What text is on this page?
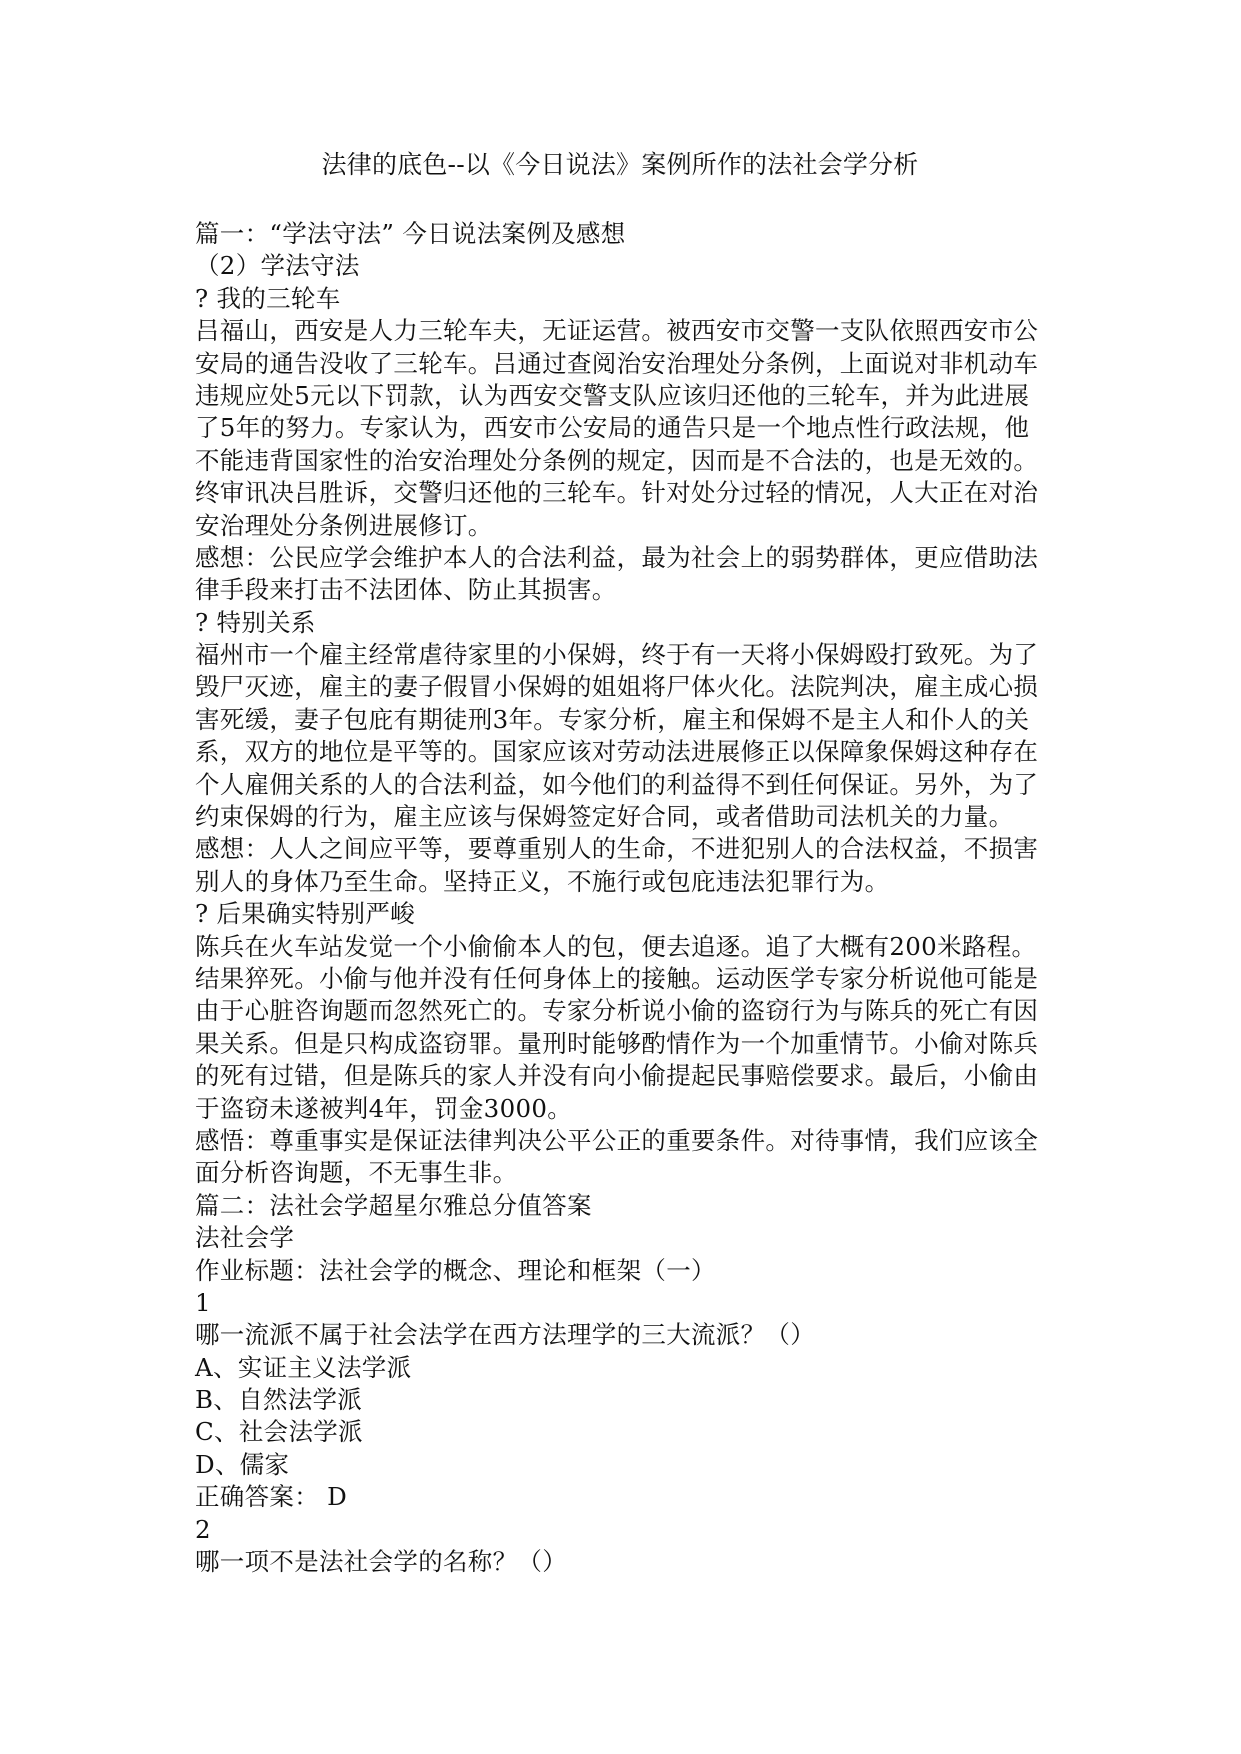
法律的底色--以《今日说法》案例所作的法社会学分析
篇一：“学法守法” 今日说法案例及感想
（2）学法守法
? 我的三轮车
吕福山，西安是人力三轮车夫，无证运营。被西安市交警一支队依照西安市公
安局的通告没收了三轮车。吕通过查阅治安治理处分条例，上面说对非机动车
违规应处5元以下罚款，认为西安交警支队应该归还他的三轮车，并为此进展
了5年的努力。专家认为，西安市公安局的通告只是一个地点性行政法规，他
不能违背国家性的治安治理处分条例的规定，因而是不合法的，也是无效的。
终审讯决吕胜诉，交警归还他的三轮车。针对处分过轻的情况，人大正在对治
安治理处分条例进展修订。
感想：公民应学会维护本人的合法利益，最为社会上的弱势群体，更应借助法
律手段来打击不法团体、防止其损害。
? 特别关系
福州市一个雇主经常虐待家里的小保姆，终于有一天将小保姆殴打致死。为了
毁尸灭迹，雇主的妻子假冒小保姆的姐姐将尸体火化。法院判决，雇主成心损
害死缓，妻子包庇有期徒刑3年。专家分析，雇主和保姆不是主人和仆人的关
系，双方的地位是平等的。国家应该对劳动法进展修正以保障象保姆这种存在
个人雇佣关系的人的合法利益，如今他们的利益得不到任何保证。另外，为了
约束保姆的行为，雇主应该与保姆签定好合同，或者借助司法机关的力量。
感想：人人之间应平等，要尊重别人的生命，不进犯别人的合法权益，不损害
别人的身体乃至生命。坚持正义，不施行或包庇违法犯罪行为。
? 后果确实特别严峻
陈兵在火车站发觉一个小偷偷本人的包，便去追逐。追了大概有200米路程。
结果猝死。小偷与他并没有任何身体上的接触。运动医学专家分析说他可能是
由于心脏咨询题而忽然死亡的。专家分析说小偷的盗窃行为与陈兵的死亡有因
果关系。但是只构成盗窃罪。量刑时能够酌情作为一个加重情节。小偷对陈兵
的死有过错，但是陈兵的家人并没有向小偷提起民事赔偿要求。最后，小偷由
于盗窃未遂被判4年，罚金3000。
感悟：尊重事实是保证法律判决公平公正的重要条件。对待事情，我们应该全
面分析咨询题，不无事生非。
篇二：法社会学超星尔雅总分值答案
法社会学
作业标题：法社会学的概念、理论和框架（一）
1
哪一流派不属于社会法学在西方法理学的三大流派？（）
A、实证主义法学派
B、自然法学派
C、社会法学派
D、儒家
正确答案： D
2
哪一项不是法社会学的名称？（）
